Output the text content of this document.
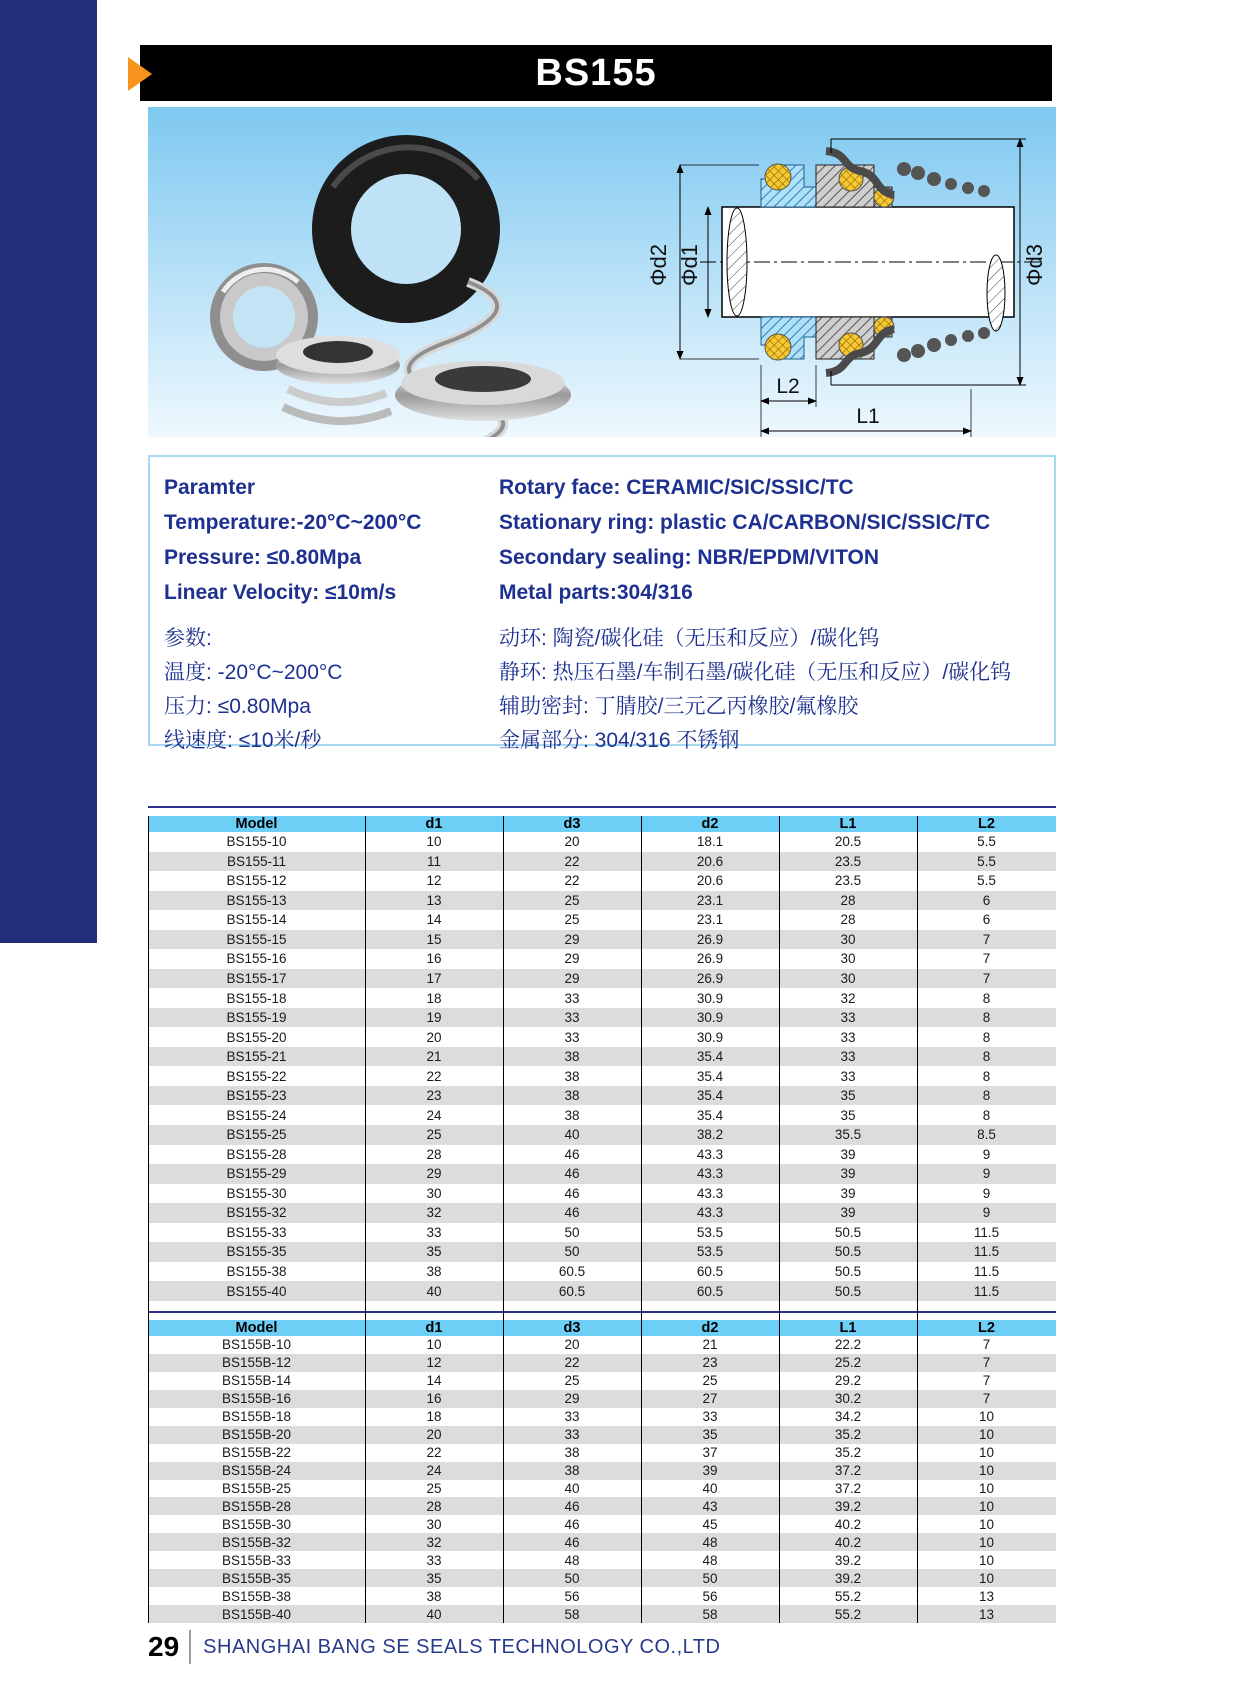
www.boshengseal.com
BS155
Φd2 Φd1	Φd3
L2
L1
Paramter
Temperature:-20°C~200°C
Pressure: ≤0.80Mpa
Linear Velocity: ≤10m/s
参数:
温度: -20°C~200°C
压力: ≤0.80Mpa
线速度: ≤10米/秒
Rotary face: CERAMIC/SIC/SSIC/TC
Stationary ring: plastic CA/CARBON/SIC/SSIC/TC
Secondary sealing: NBR/EPDM/VITON
Metal parts:304/316
动环: 陶瓷/碳化硅（无压和反应）/碳化钨
静环: 热压石墨/车制石墨/碳化硅（无压和反应）/碳化钨
辅助密封: 丁腈胶/三元乙丙橡胶/氟橡胶
金属部分: 304/316 不锈钢
Model	d1	d3	d2	L1	L2
BS155-10	10	20	18.1	20.5	5.5
BS155-11	11	22	20.6	23.5	5.5
BS155-12	12	22	20.6	23.5	5.5
BS155-13	13	25	23.1	28	6
BS155-14	14	25	23.1	28	6
BS155-15	15	29	26.9	30	7
BS155-16	16	29	26.9	30	7
BS155-17	17	29	26.9	30	7
BS155-18	18	33	30.9	32	8
BS155-19	19	33	30.9	33	8
BS155-20	20	33	30.9	33	8
BS155-21	21	38	35.4	33	8
BS155-22	22	38	35.4	33	8
BS155-23	23	38	35.4	35	8
BS155-24	24	38	35.4	35	8
BS155-25	25	40	38.2	35.5	8.5
BS155-28	28	46	43.3	39	9
BS155-29	29	46	43.3	39	9
BS155-30	30	46	43.3	39	9
BS155-32	32	46	43.3	39	9
BS155-33	33	50	53.5	50.5	11.5
BS155-35	35	50	53.5	50.5	11.5
BS155-38	38	60.5	60.5	50.5	11.5
BS155-40	40	60.5	60.5	50.5	11.5
Model	d1	d3	d2	L1	L2
BS155B-10	10	20	21	22.2	7
BS155B-12	12	22	23	25.2	7
BS155B-14	14	25	25	29.2	7
BS155B-16	16	29	27	30.2	7
BS155B-18	18	33	33	34.2	10
BS155B-20	20	33	35	35.2	10
BS155B-22	22	38	37	35.2	10
BS155B-24	24	38	39	37.2	10
BS155B-25	25	40	40	37.2	10
BS155B-28	28	46	43	39.2	10
BS155B-30	30	46	45	40.2	10
BS155B-32	32	46	48	40.2	10
BS155B-33	33	48	48	39.2	10
BS155B-35	35	50	50	39.2	10
BS155B-38	38	56	56	55.2	13
BS155B-40	40	58	58	55.2	13
29 SHANGHAI BANG SE SEALS TECHNOLOGY CO.,LTD
